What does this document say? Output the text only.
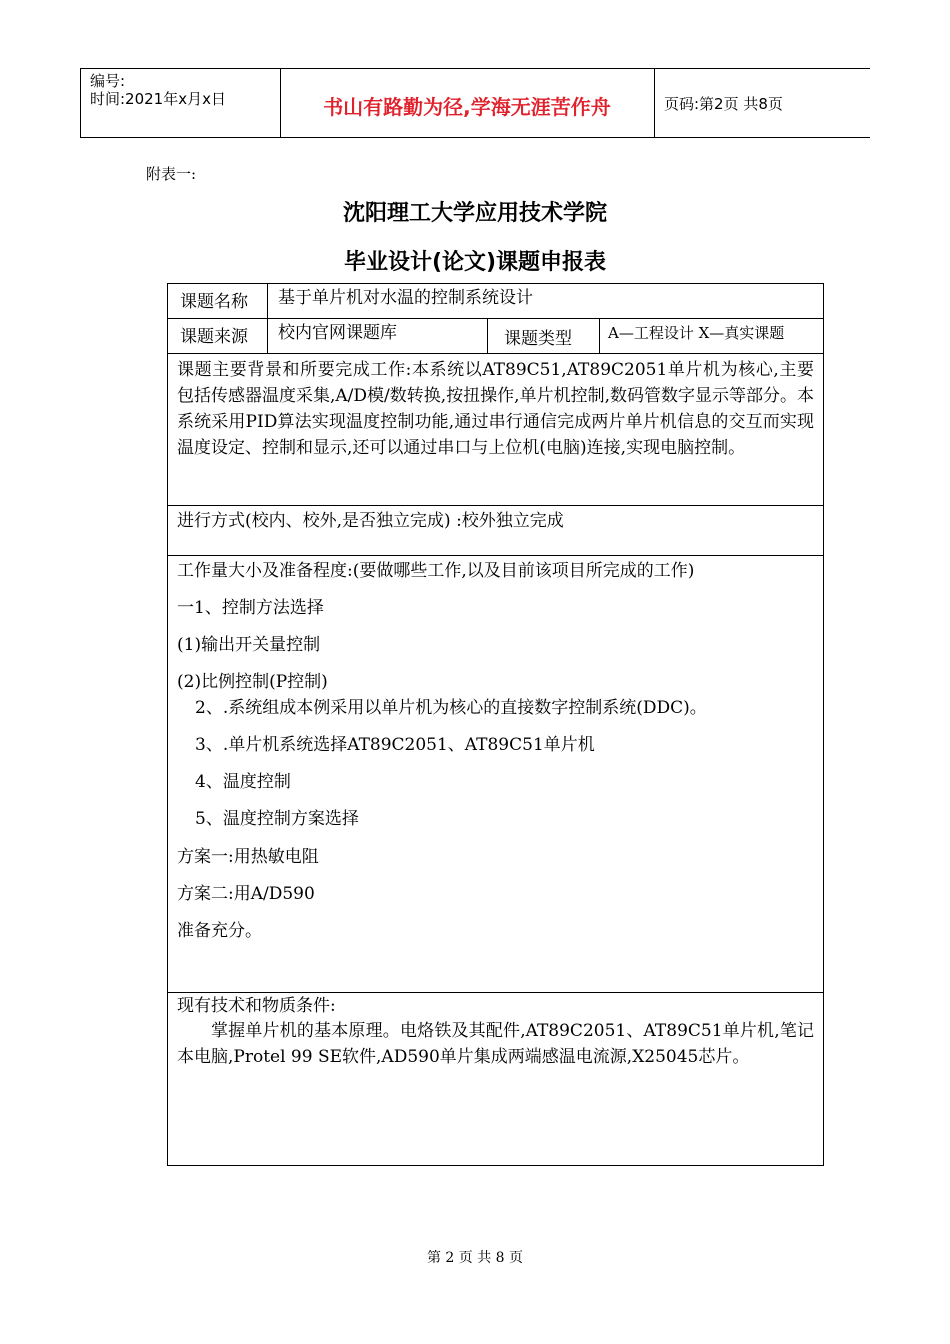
编号:
时间:2021年x月x日	书山有路勤为径,学海无涯苦作舟	页码:第2页 共8页
附表一:
沈阳理工大学应用技术学院
毕业设计(论文)课题申报表
课题名称 基于单片机对水温的控制系统设计
课题来源 校内官网课题库	课题类型 A—工程设计 X—真实课题
课题主要背景和所要完成工作:本系统以AT89C51,AT89C2051单片机为核心,主要包括传感器温度采集,A/D模/数转换,按扭操作,单片机控制,数码管数字显示等部分。本系统采用PID算法实现温度控制功能,通过串行通信完成两片单片机信息的交互而实现温度设定、控制和显示,还可以通过串口与上位机(电脑)连接,实现电脑控制。
进行方式(校内、校外,是否独立完成) :校外独立完成
工作量大小及准备程度:(要做哪些工作,以及目前该项目所完成的工作)
一1、控制方法选择
(1)输出开关量控制
(2)比例控制(P控制)
2、.系统组成本例采用以单片机为核心的直接数字控制系统(DDC)。
3、.单片机系统选择AT89C2051、AT89C51单片机
4、温度控制
5、温度控制方案选择
方案一:用热敏电阻
方案二:用A/D590
准备充分。
现有技术和物质条件:
掌握单片机的基本原理。电烙铁及其配件,AT89C2051、AT89C51单片机,笔记本电脑,Protel 99 SE软件,AD590单片集成两端感温电流源,X25045芯片。
第 2 页 共 8 页
